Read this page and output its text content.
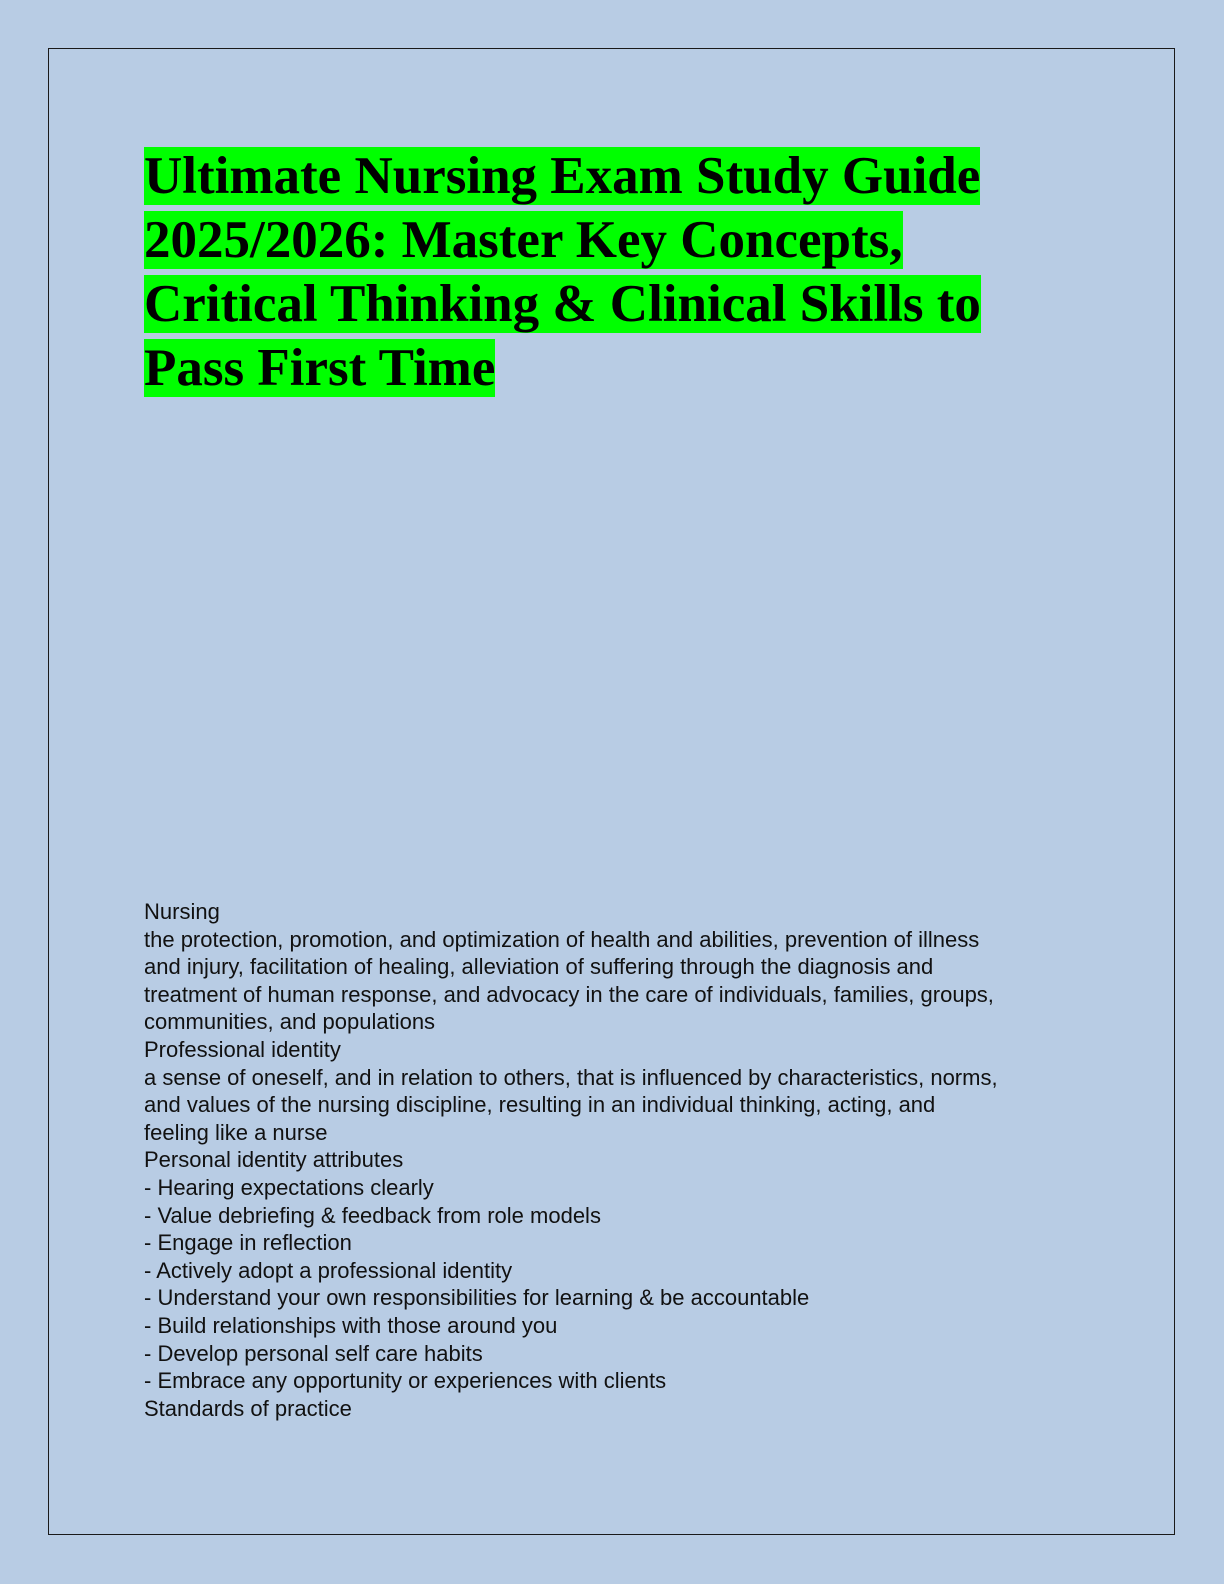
Ultimate Nursing Exam Study Guide
2025/2026: Master Key Concepts,
Critical Thinking & Clinical Skills to
Pass First Time
Nursing
the protection, promotion, and optimization of health and abilities, prevention of illness
and injury, facilitation of healing, alleviation of suffering through the diagnosis and
treatment of human response, and advocacy in the care of individuals, families, groups,
communities, and populations
Professional identity
a sense of oneself, and in relation to others, that is influenced by characteristics, norms,
and values of the nursing discipline, resulting in an individual thinking, acting, and
feeling like a nurse
Personal identity attributes
- Hearing expectations clearly
- Value debriefing & feedback from role models
- Engage in reflection
- Actively adopt a professional identity
- Understand your own responsibilities for learning & be accountable
- Build relationships with those around you
- Develop personal self care habits
- Embrace any opportunity or experiences with clients
Standards of practice
